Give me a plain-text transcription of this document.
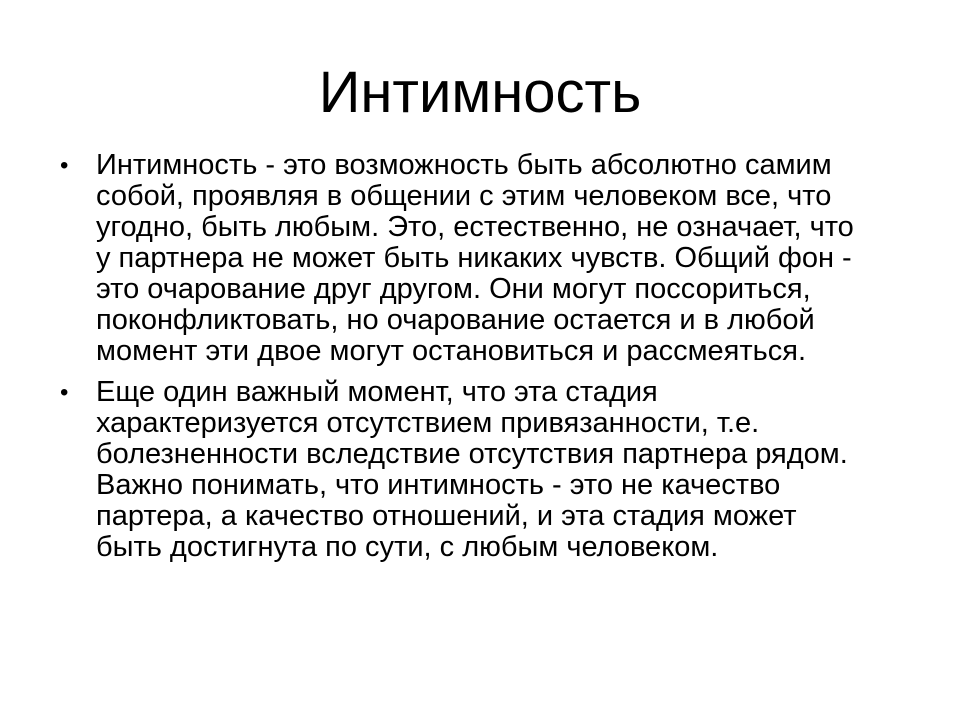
Интимность
• Интимность - это возможность быть абсолютно самим собой, проявляя в общении с этим человеком все, что угодно, быть любым. Это, естественно, не означает, что у партнера не может быть никаких чувств. Общий фон - это очарование друг другом. Они могут поссориться, поконфликтовать, но очарование остается и в любой момент эти двое могут остановиться и рассмеяться.
• Еще один важный момент, что эта стадия характеризуется отсутствием привязанности, т.е. болезненности вследствие отсутствия партнера рядом. Важно понимать, что интимность - это не качество партера, а качество отношений, и эта стадия может быть достигнута по сути, с любым человеком.
